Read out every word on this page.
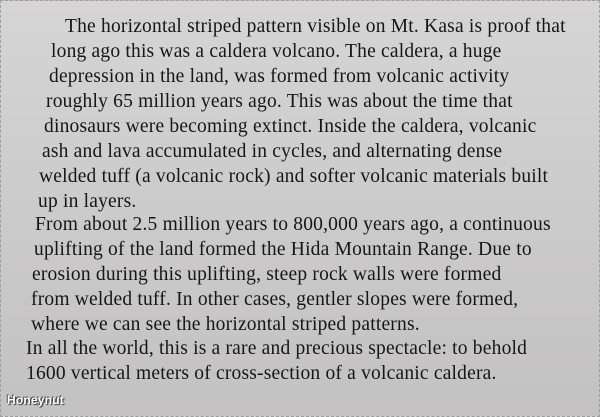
The horizontal striped pattern visible on Mt. Kasa is proof that
long ago this was a caldera volcano. The caldera, a huge
depression in the land, was formed from volcanic activity
roughly 65 million years ago. This was about the time that
dinosaurs were becoming extinct. Inside the caldera, volcanic
ash and lava accumulated in cycles, and alternating dense
welded tuff (a volcanic rock) and softer volcanic materials built
up in layers.
From about 2.5 million years to 800,000 years ago, a continuous
uplifting of the land formed the Hida Mountain Range. Due to
erosion during this uplifting, steep rock walls were formed
from welded tuff. In other cases, gentler slopes were formed,
where we can see the horizontal striped patterns.
In all the world, this is a rare and precious spectacle: to behold
1600 vertical meters of cross-section of a volcanic caldera.
Honeynut
